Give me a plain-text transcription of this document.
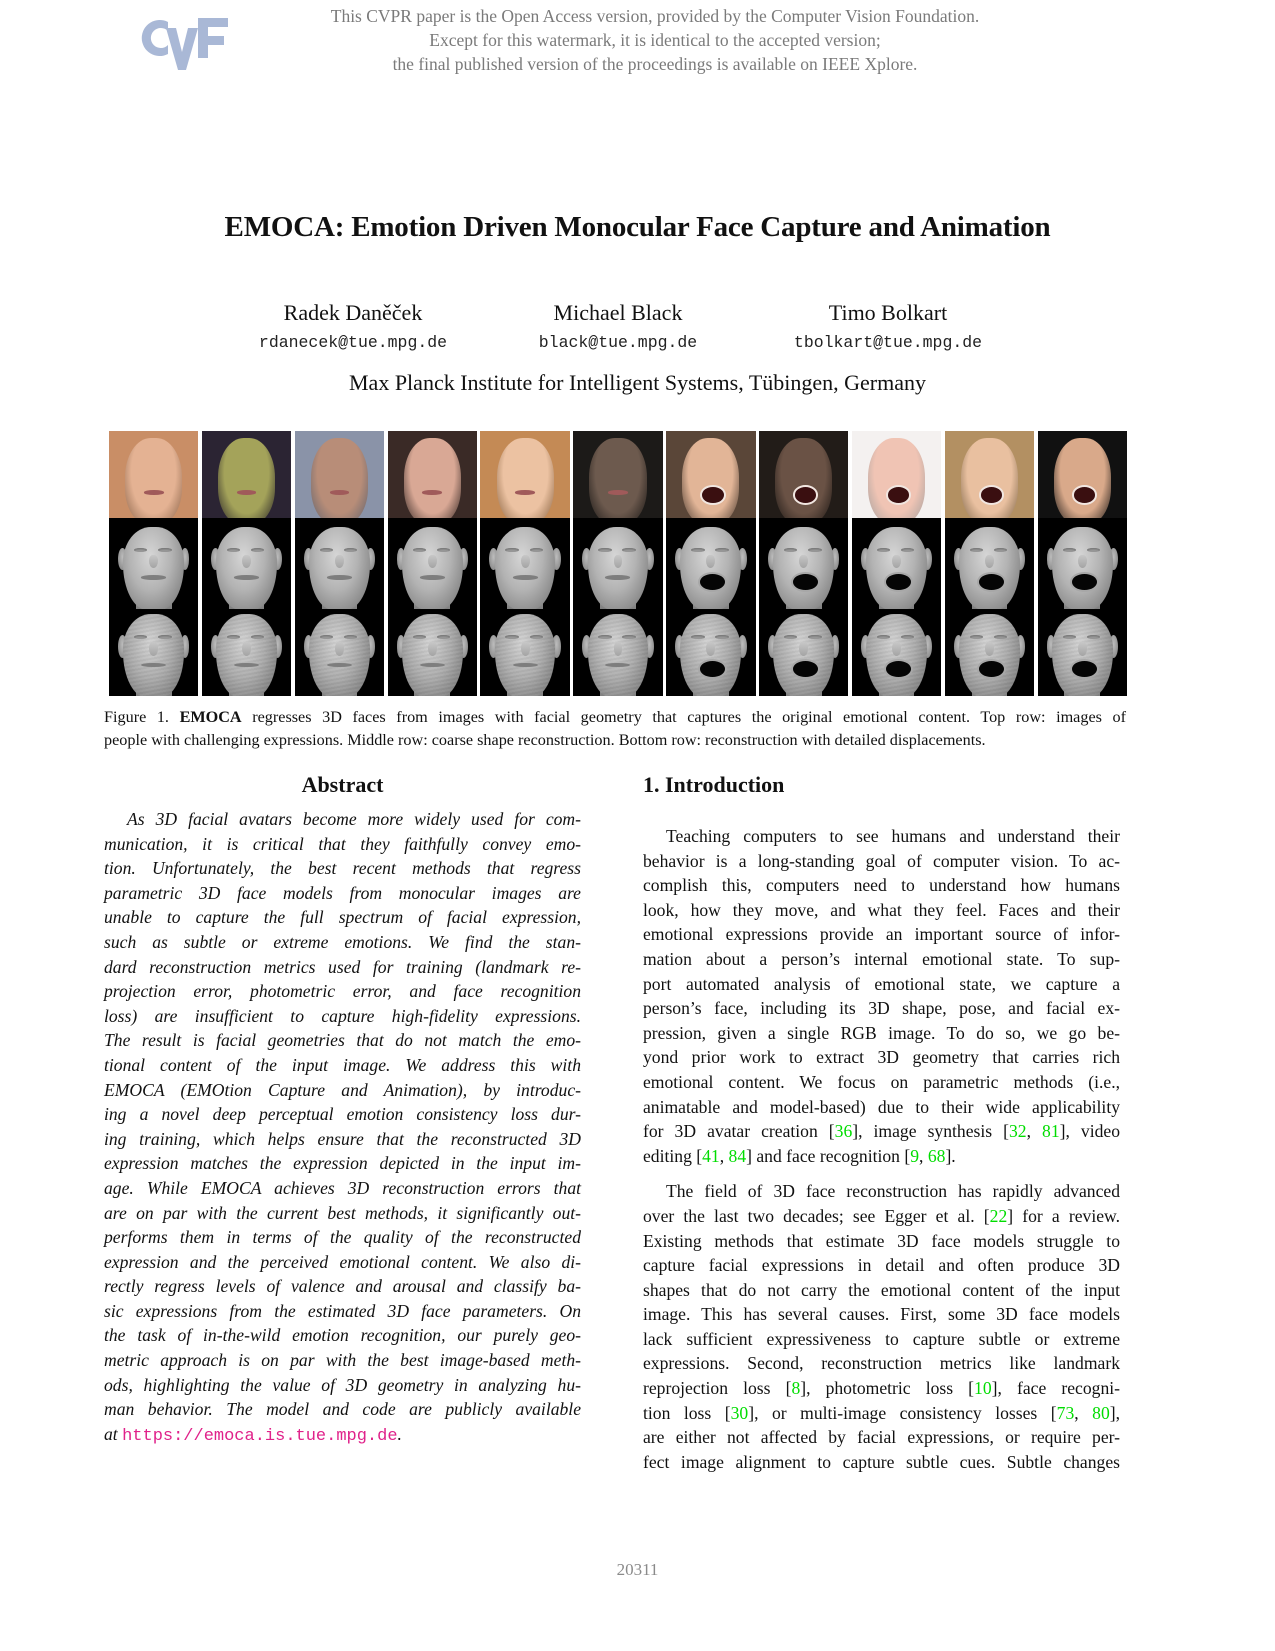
This CVPR paper is the Open Access version, provided by the Computer Vision Foundation.
Except for this watermark, it is identical to the accepted version;
the final published version of the proceedings is available on IEEE Xplore.
EMOCA: Emotion Driven Monocular Face Capture and Animation
Radek Daněček
rdanecek@tue.mpg.de
Michael Black
black@tue.mpg.de
Timo Bolkart
tbolkart@tue.mpg.de
Max Planck Institute for Intelligent Systems, Tübingen, Germany
Figure 1. EMOCA regresses 3D faces from images with facial geometry that captures the original emotional content. Top row: images of
people with challenging expressions. Middle row: coarse shape reconstruction. Bottom row: reconstruction with detailed displacements.
Abstract
As 3D facial avatars become more widely used for com-
munication, it is critical that they faithfully convey emo-
tion. Unfortunately, the best recent methods that regress
parametric 3D face models from monocular images are
unable to capture the full spectrum of facial expression,
such as subtle or extreme emotions. We find the stan-
dard reconstruction metrics used for training (landmark re-
projection error, photometric error, and face recognition
loss) are insufficient to capture high-fidelity expressions.
The result is facial geometries that do not match the emo-
tional content of the input image. We address this with
EMOCA (EMOtion Capture and Animation), by introduc-
ing a novel deep perceptual emotion consistency loss dur-
ing training, which helps ensure that the reconstructed 3D
expression matches the expression depicted in the input im-
age. While EMOCA achieves 3D reconstruction errors that
are on par with the current best methods, it significantly out-
performs them in terms of the quality of the reconstructed
expression and the perceived emotional content. We also di-
rectly regress levels of valence and arousal and classify ba-
sic expressions from the estimated 3D face parameters. On
the task of in-the-wild emotion recognition, our purely geo-
metric approach is on par with the best image-based meth-
ods, highlighting the value of 3D geometry in analyzing hu-
man behavior. The model and code are publicly available
at https://emoca.is.tue.mpg.de.
1. Introduction
Teaching computers to see humans and understand their
behavior is a long-standing goal of computer vision. To ac-
complish this, computers need to understand how humans
look, how they move, and what they feel. Faces and their
emotional expressions provide an important source of infor-
mation about a person’s internal emotional state. To sup-
port automated analysis of emotional state, we capture a
person’s face, including its 3D shape, pose, and facial ex-
pression, given a single RGB image. To do so, we go be-
yond prior work to extract 3D geometry that carries rich
emotional content. We focus on parametric methods (i.e.,
animatable and model-based) due to their wide applicability
for 3D avatar creation [36], image synthesis [32, 81], video
editing [41, 84] and face recognition [9, 68].
The field of 3D face reconstruction has rapidly advanced
over the last two decades; see Egger et al. [22] for a review.
Existing methods that estimate 3D face models struggle to
capture facial expressions in detail and often produce 3D
shapes that do not carry the emotional content of the input
image. This has several causes. First, some 3D face models
lack sufficient expressiveness to capture subtle or extreme
expressions. Second, reconstruction metrics like landmark
reprojection loss [8], photometric loss [10], face recogni-
tion loss [30], or multi-image consistency losses [73, 80],
are either not affected by facial expressions, or require per-
fect image alignment to capture subtle cues. Subtle changes
20311
